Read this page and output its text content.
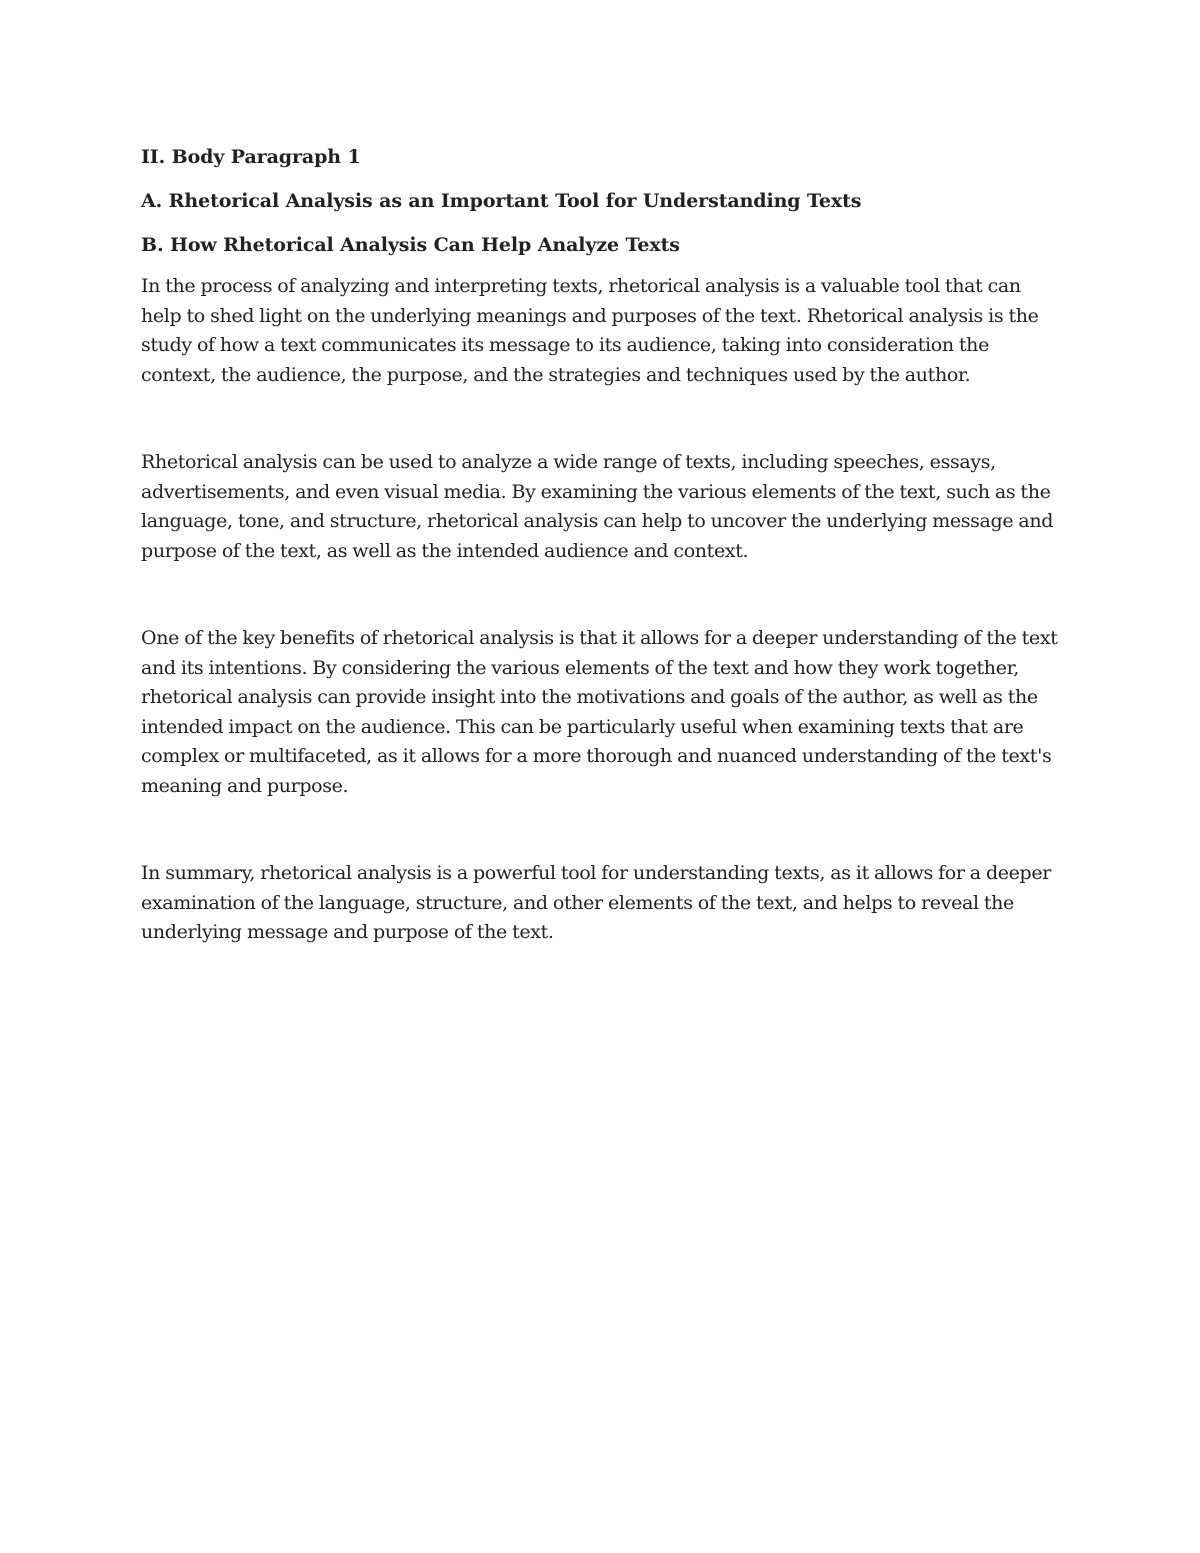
II. Body Paragraph 1
A. Rhetorical Analysis as an Important Tool for Understanding Texts
B. How Rhetorical Analysis Can Help Analyze Texts

In the process of analyzing and interpreting texts, rhetorical analysis is a valuable tool that can help to shed light on the underlying meanings and purposes of the text. Rhetorical analysis is the study of how a text communicates its message to its audience, taking into consideration the context, the audience, the purpose, and the strategies and techniques used by the author.

Rhetorical analysis can be used to analyze a wide range of texts, including speeches, essays, advertisements, and even visual media. By examining the various elements of the text, such as the language, tone, and structure, rhetorical analysis can help to uncover the underlying message and purpose of the text, as well as the intended audience and context.

One of the key benefits of rhetorical analysis is that it allows for a deeper understanding of the text and its intentions. By considering the various elements of the text and how they work together, rhetorical analysis can provide insight into the motivations and goals of the author, as well as the intended impact on the audience. This can be particularly useful when examining texts that are complex or multifaceted, as it allows for a more thorough and nuanced understanding of the text's meaning and purpose.

In summary, rhetorical analysis is a powerful tool for understanding texts, as it allows for a deeper examination of the language, structure, and other elements of the text, and helps to reveal the underlying message and purpose of the text.
